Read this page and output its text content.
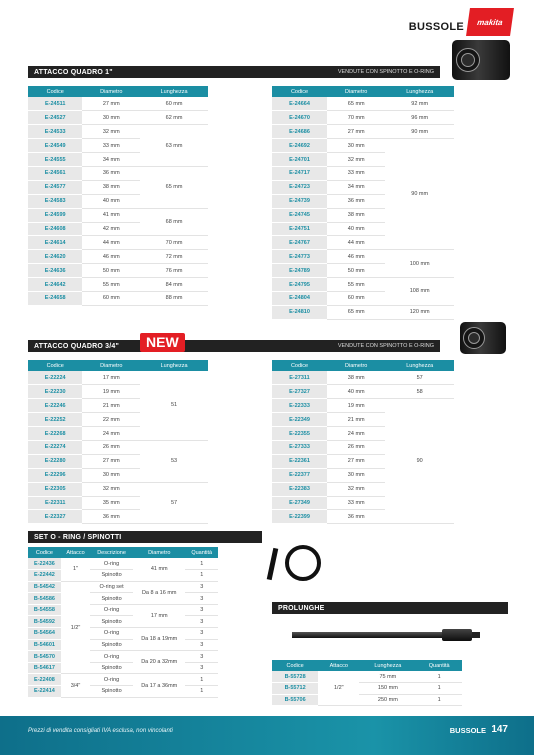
BUSSOLE makita
ATTACCO QUADRO 1"	VENDUTE CON SPINOTTO E O-RING
Codice	Diametro	Lunghezza
E-24511	27 mm	60 mm
E-24527	30 mm	62 mm
E-24533	32 mm	63 mm
E-24549	33 mm	
E-24555	34 mm	
E-24561	36 mm	65 mm
E-24577	38 mm	
E-24583	40 mm	
E-24599	41 mm	68 mm
E-24608	42 mm	
E-24614	44 mm	70 mm
E-24620	46 mm	72 mm
E-24636	50 mm	76 mm
E-24642	55 mm	84 mm
E-24658	60 mm	88 mm
Codice	Diametro	Lunghezza
E-24664	65 mm	92 mm
E-24670	70 mm	96 mm
E-24686	27 mm	90 mm
E-24692	30 mm	90 mm
E-24701	32 mm	
E-24717	33 mm	
E-24723	34 mm	
E-24739	36 mm	
E-24745	38 mm	
E-24751	40 mm	
E-24767	44 mm	
E-24773	46 mm	100 mm
E-24789	50 mm	
E-24795	55 mm	108 mm
E-24804	60 mm	
E-24810	65 mm	120 mm
ATTACCO QUADRO 3/4"	VENDUTE CON SPINOTTO E O-RING
NEW
Codice	Diametro	Lunghezza
E-22224	17 mm	51
E-22230	19 mm	
E-22246	21 mm	
E-22252	22 mm	
E-22268	24 mm	
E-22274	26 mm	53
E-22280	27 mm	
E-22296	30 mm	
E-22305	32 mm	57
E-22311	35 mm	
E-22327	36 mm	
Codice	Diametro	Lunghezza
E-27311	38 mm	57
E-27327	40 mm	58
E-22333	19 mm	90
E-22349	21 mm	
E-22355	24 mm	
E-27333	26 mm	
E-22361	27 mm	
E-22377	30 mm	
E-22383	32 mm	
E-27349	33 mm	
E-22399	36 mm	
SET O - RING / SPINOTTI
Codice	Attacco	Descrizione	Diametro	Quantità
E-22436	1"	O-ring	41 mm	1
E-22442		Spinotto		1
B-54542	1/2"	O-ring set	Da 8 a 16 mm	3
B-54586		Spinotto		3
B-54558		O-ring	17 mm	3
B-54592		Spinotto		3
B-54564		O-ring	Da 18 a 19mm	3
B-54601		Spinotto		3
B-54570		O-ring	Da 20 a 32mm	3
B-54617		Spinotto		3
E-22408	3/4"	O-ring	Da 17 a 36mm	1
E-22414		Spinotto		1
PROLUNGHE
Codice	Attacco	Lunghezza	Quantità
B-55728	1/2"	75 mm	1
B-55712		150 mm	1
B-55706		250 mm	1
Prezzi di vendita consigliati IVA esclusa, non vincolanti	BUSSOLE 147
